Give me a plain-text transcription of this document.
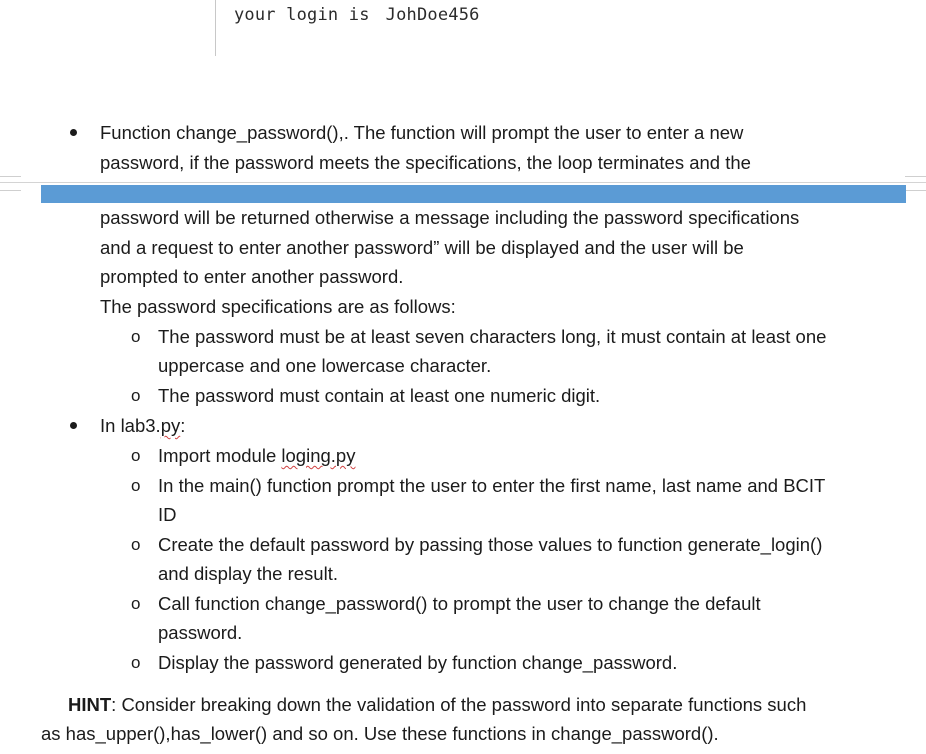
your login is JohDoe456
Function change_password(),. The function will prompt the user to enter a new
password, if the password meets the specifications, the loop terminates and the
password will be returned otherwise a message including the password specifications
and a request to enter another password” will be displayed and the user will be
prompted to enter another password.
The password specifications are as follows:
o The password must be at least seven characters long, it must contain at least one
uppercase and one lowercase character.
o The password must contain at least one numeric digit.
In lab3.py:
o Import module loging.py
o In the main() function prompt the user to enter the first name, last name and BCIT
ID
o Create the default password by passing those values to function generate_login()
and display the result.
o Call function change_password() to prompt the user to change the default
password.
o Display the password generated by function change_password.
HINT: Consider breaking down the validation of the password into separate functions such
as has_upper(),has_lower() and so on. Use these functions in change_password().
